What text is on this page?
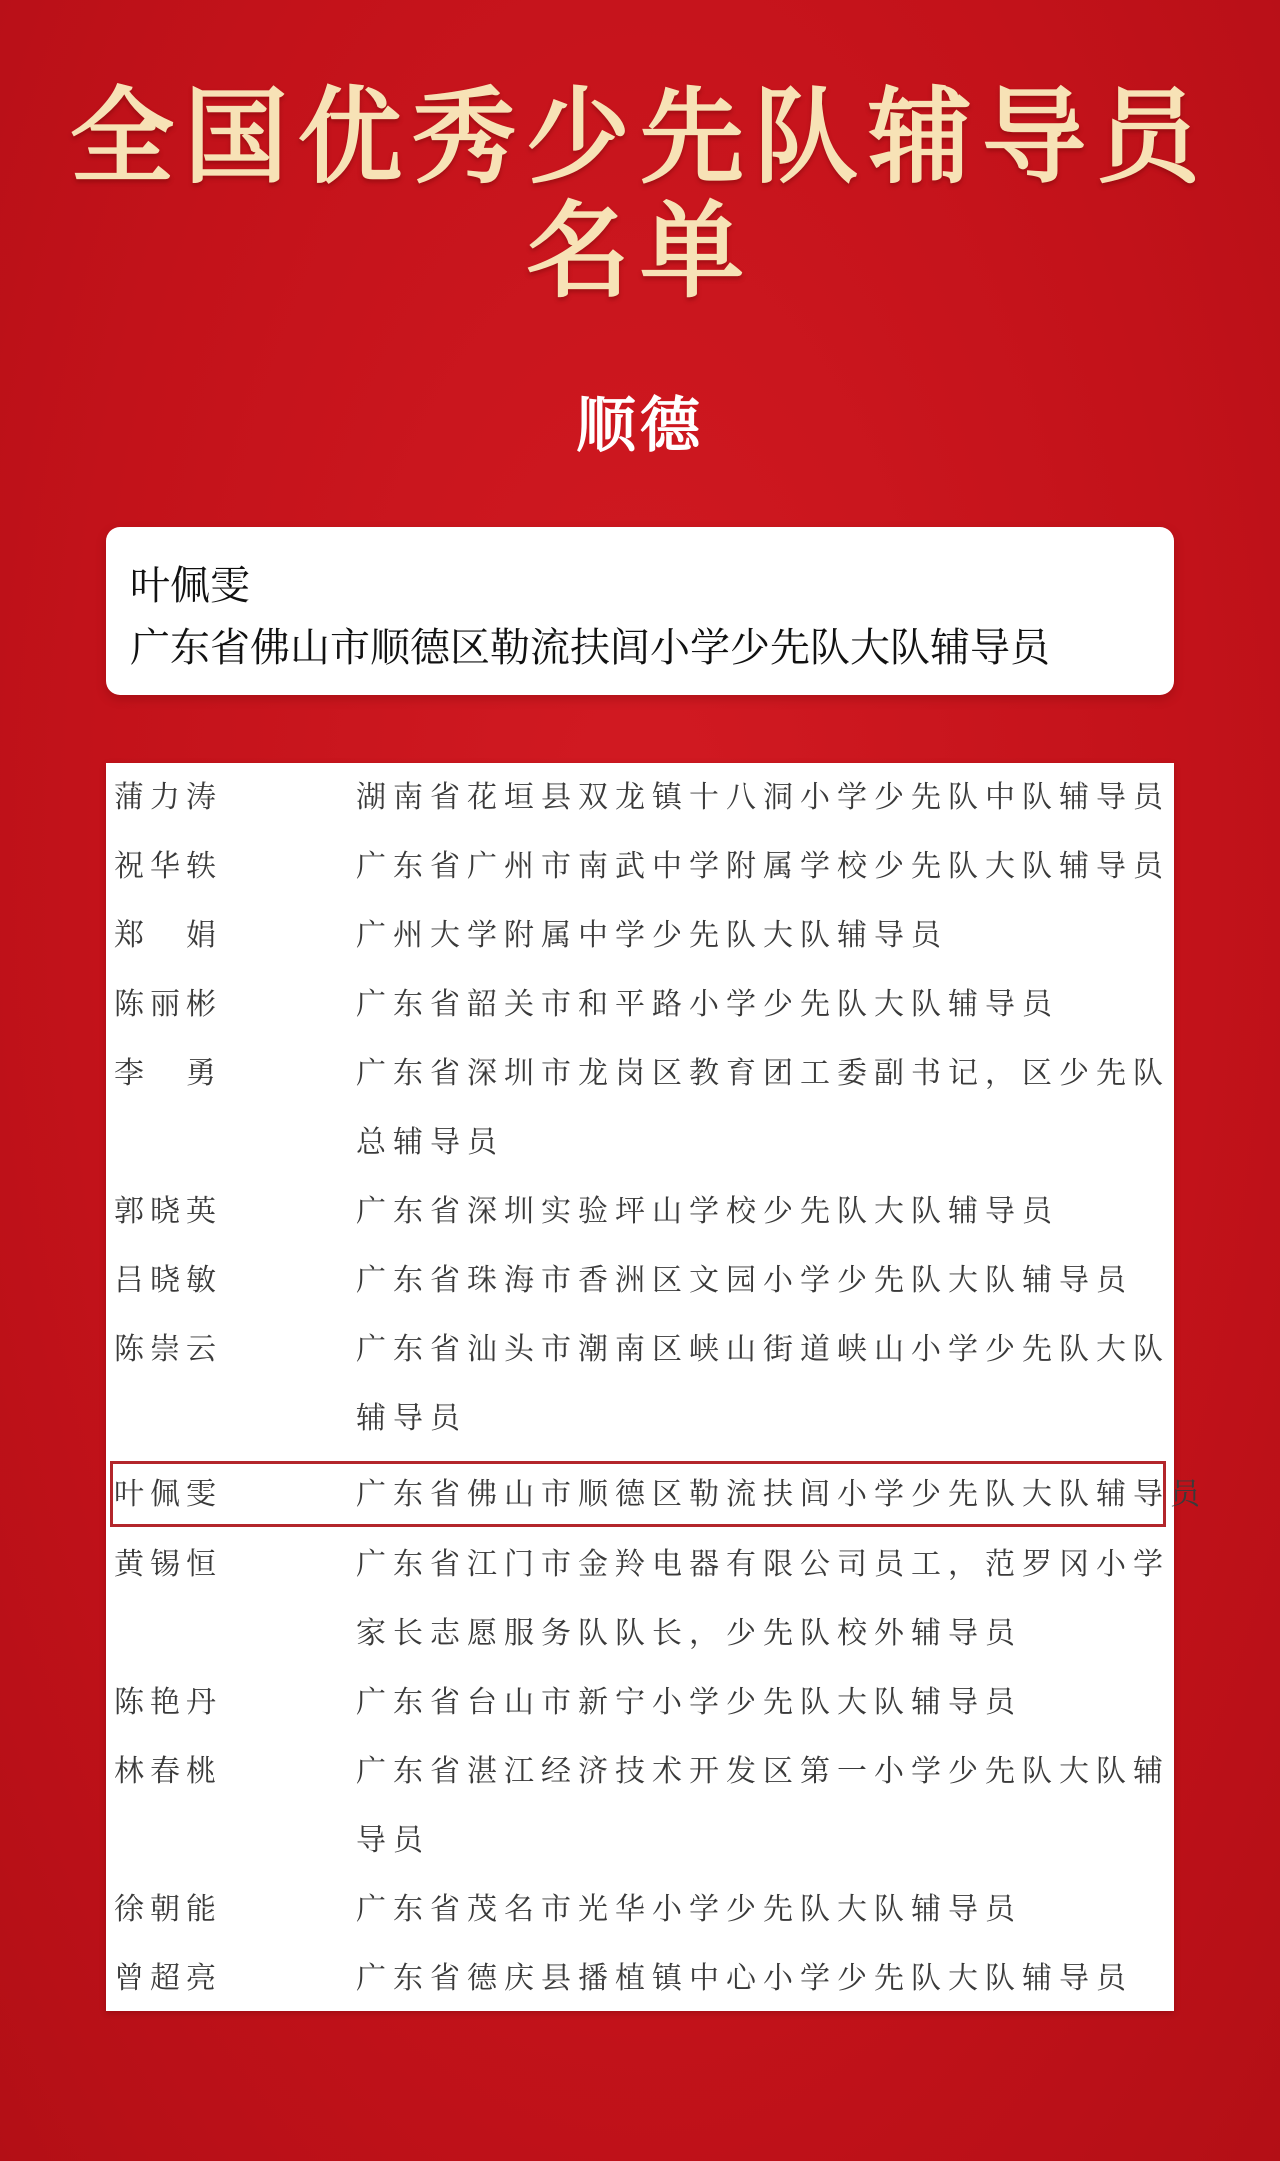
全国优秀少先队辅导员
名单
顺德
叶佩雯
广东省佛山市顺德区勒流扶闾小学少先队大队辅导员
蒲力涛	湖南省花垣县双龙镇十八洞小学少先队中队辅导员
祝华轶	广东省广州市南武中学附属学校少先队大队辅导员
郑　娟	广州大学附属中学少先队大队辅导员
陈丽彬	广东省韶关市和平路小学少先队大队辅导员
李　勇	广东省深圳市龙岗区教育团工委副书记，区少先队
总辅导员
郭晓英	广东省深圳实验坪山学校少先队大队辅导员
吕晓敏	广东省珠海市香洲区文园小学少先队大队辅导员
陈崇云	广东省汕头市潮南区峡山街道峡山小学少先队大队
辅导员
叶佩雯	广东省佛山市顺德区勒流扶闾小学少先队大队辅导员
黄锡恒	广东省江门市金羚电器有限公司员工，范罗冈小学
家长志愿服务队队长，少先队校外辅导员
陈艳丹	广东省台山市新宁小学少先队大队辅导员
林春桃	广东省湛江经济技术开发区第一小学少先队大队辅
导员
徐朝能	广东省茂名市光华小学少先队大队辅导员
曾超亮	广东省德庆县播植镇中心小学少先队大队辅导员
